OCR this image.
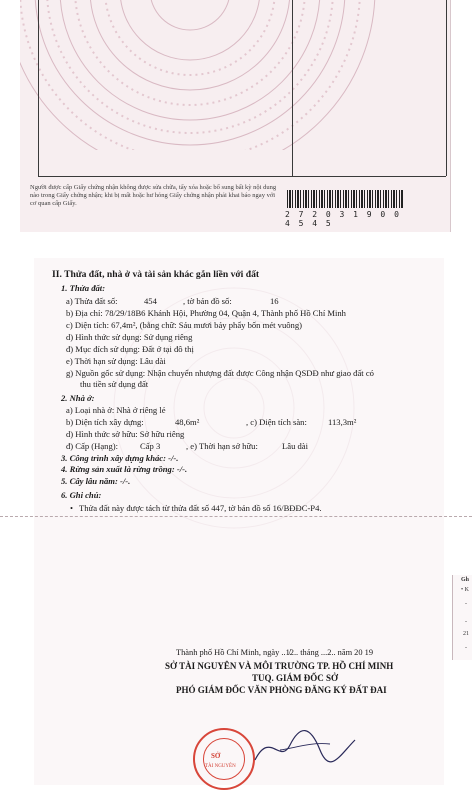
Người được cấp Giấy chứng nhận không được sửa chữa, tẩy xóa hoặc bổ sung bất kỳ nội dung nào trong Giấy chứng nhận; khi bị mất hoặc hư hỏng Giấy chứng nhận phải khai báo ngay với cơ quan cấp Giấy.
2 7 2 0 3 1 9 0 0 4 5 4 5
II. Thửa đất, nhà ở và tài sản khác gắn liền với đất
1. Thửa đất:
a) Thửa đất số:	454	, tờ bản đồ số:	16
b) Địa chỉ: 78/29/18B6 Khánh Hội, Phường 04, Quận 4, Thành phố Hồ Chí Minh
c) Diện tích: 67,4m², (bằng chữ: Sáu mươi bảy phẩy bốn mét vuông)
d) Hình thức sử dụng: Sử dụng riêng
đ) Mục đích sử dụng: Đất ở tại đô thị
e) Thời hạn sử dụng: Lâu dài
g) Nguồn gốc sử dụng: Nhận chuyển nhượng đất được Công nhận QSDĐ như giao đất có
thu tiền sử dụng đất
2. Nhà ở:
a) Loại nhà ở: Nhà ở riêng lẻ
b) Diện tích xây dựng:	48,6m²	, c) Diện tích sàn: 113,3m²
d) Hình thức sở hữu: Sở hữu riêng
đ) Cấp (Hạng):	Cấp 3	, e) Thời hạn sở hữu:	Lâu dài
3. Công trình xây dựng khác: -/-.
4. Rừng sản xuất là rừng trồng: -/-.
5. Cây lâu năm: -/-.
6. Ghi chú:
• Thửa đất này được tách từ thửa đất số 447, tờ bản đồ số 16/BĐĐC-P4.
Gh
• K
-
-
21
-
Thành phố Hồ Chí Minh, ngày ..1̸2.. tháng ...2.. năm 20 19
SỞ TÀI NGUYÊN VÀ MÔI TRƯỜNG TP. HỒ CHÍ MINH
TUQ. GIÁM ĐỐC SỞ
PHÓ GIÁM ĐỐC VĂN PHÒNG ĐĂNG KÝ ĐẤT ĐAI
SỞ
TÀI NGUYÊN
